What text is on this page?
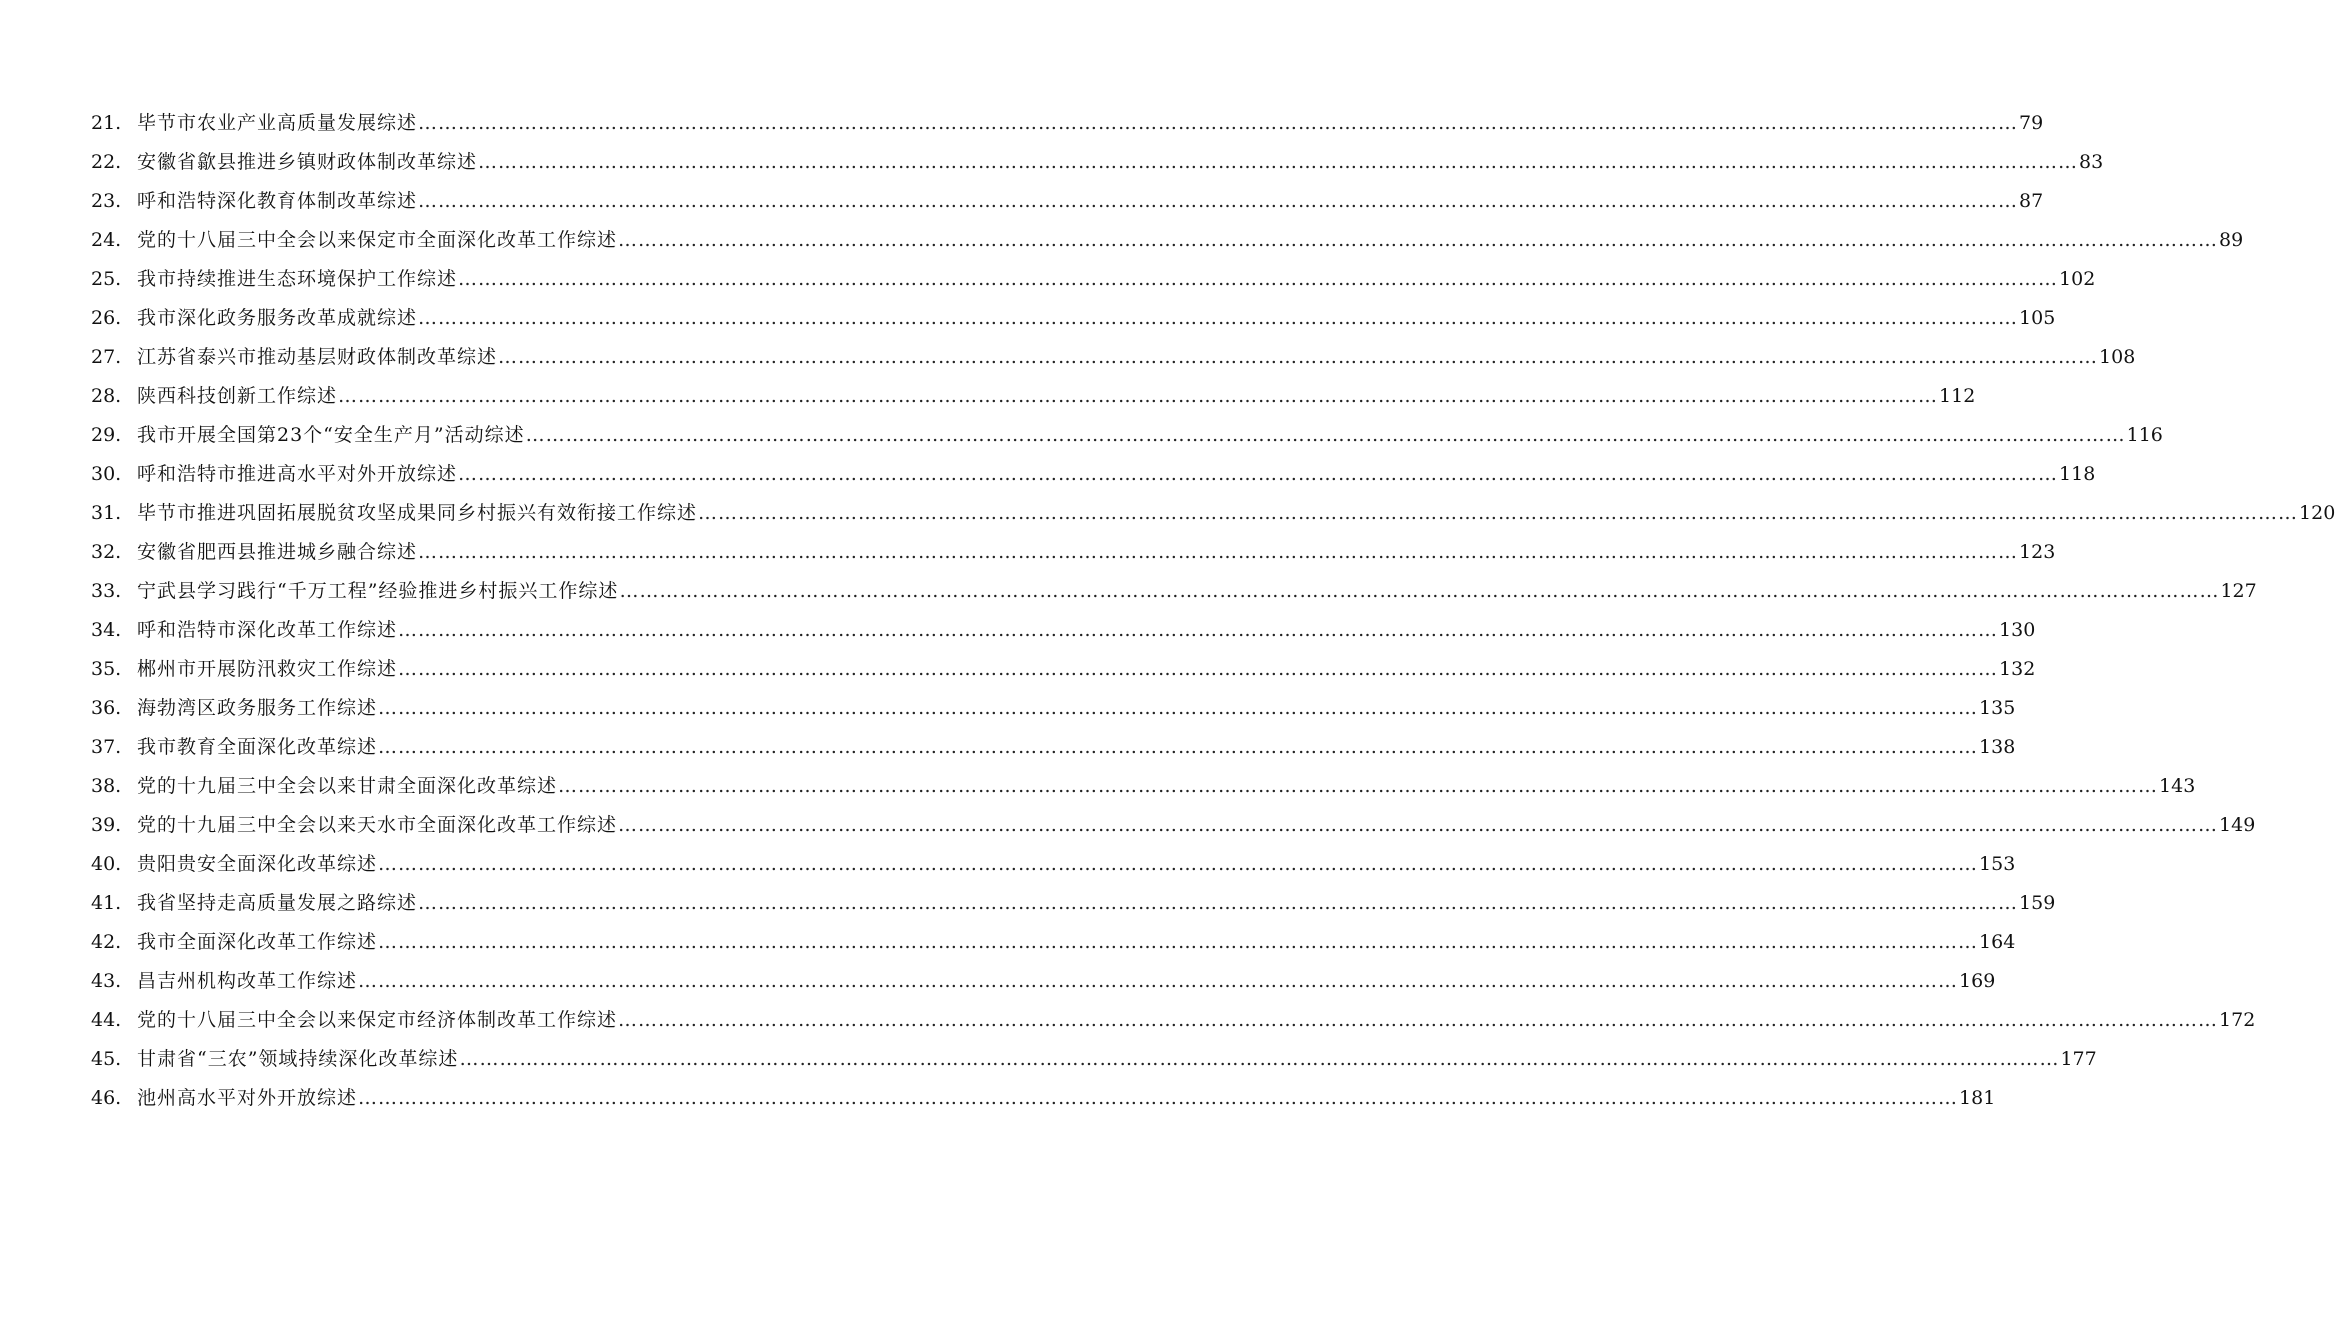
21. 毕节市农业产业高质量发展综述 …………………………………………………………………………………………………………………………………………………………………………………………………………………… 79
22. 安徽省歙县推进乡镇财政体制改革综述 …………………………………………………………………………………………………………………………………………………………………………………………………………………… 83
23. 呼和浩特深化教育体制改革综述 …………………………………………………………………………………………………………………………………………………………………………………………………………………… 87
24. 党的十八届三中全会以来保定市全面深化改革工作综述 …………………………………………………………………………………………………………………………………………………………………………………………………………………… 89
25. 我市持续推进生态环境保护工作综述 …………………………………………………………………………………………………………………………………………………………………………………………………………………… 102
26. 我市深化政务服务改革成就综述 …………………………………………………………………………………………………………………………………………………………………………………………………………………… 105
27. 江苏省泰兴市推动基层财政体制改革综述 …………………………………………………………………………………………………………………………………………………………………………………………………………………… 108
28. 陕西科技创新工作综述 …………………………………………………………………………………………………………………………………………………………………………………………………………………… 112
29. 我市开展全国第23个“安全生产月”活动综述 …………………………………………………………………………………………………………………………………………………………………………………………………………………… 116
30. 呼和浩特市推进高水平对外开放综述 …………………………………………………………………………………………………………………………………………………………………………………………………………………… 118
31. 毕节市推进巩固拓展脱贫攻坚成果同乡村振兴有效衔接工作综述 …………………………………………………………………………………………………………………………………………………………………………………………………………………… 120
32. 安徽省肥西县推进城乡融合综述 …………………………………………………………………………………………………………………………………………………………………………………………………………………… 123
33. 宁武县学习践行“千万工程”经验推进乡村振兴工作综述 …………………………………………………………………………………………………………………………………………………………………………………………………………………… 127
34. 呼和浩特市深化改革工作综述 …………………………………………………………………………………………………………………………………………………………………………………………………………………… 130
35. 郴州市开展防汛救灾工作综述 …………………………………………………………………………………………………………………………………………………………………………………………………………………… 132
36. 海勃湾区政务服务工作综述 …………………………………………………………………………………………………………………………………………………………………………………………………………………… 135
37. 我市教育全面深化改革综述 …………………………………………………………………………………………………………………………………………………………………………………………………………………… 138
38. 党的十九届三中全会以来甘肃全面深化改革综述 …………………………………………………………………………………………………………………………………………………………………………………………………………………… 143
39. 党的十九届三中全会以来天水市全面深化改革工作综述 …………………………………………………………………………………………………………………………………………………………………………………………………………………… 149
40. 贵阳贵安全面深化改革综述 …………………………………………………………………………………………………………………………………………………………………………………………………………………… 153
41. 我省坚持走高质量发展之路综述 …………………………………………………………………………………………………………………………………………………………………………………………………………………… 159
42. 我市全面深化改革工作综述 …………………………………………………………………………………………………………………………………………………………………………………………………………………… 164
43. 昌吉州机构改革工作综述 …………………………………………………………………………………………………………………………………………………………………………………………………………………… 169
44. 党的十八届三中全会以来保定市经济体制改革工作综述 …………………………………………………………………………………………………………………………………………………………………………………………………………………… 172
45. 甘肃省“三农”领域持续深化改革综述 …………………………………………………………………………………………………………………………………………………………………………………………………………………… 177
46. 池州高水平对外开放综述 …………………………………………………………………………………………………………………………………………………………………………………………………………………… 181
